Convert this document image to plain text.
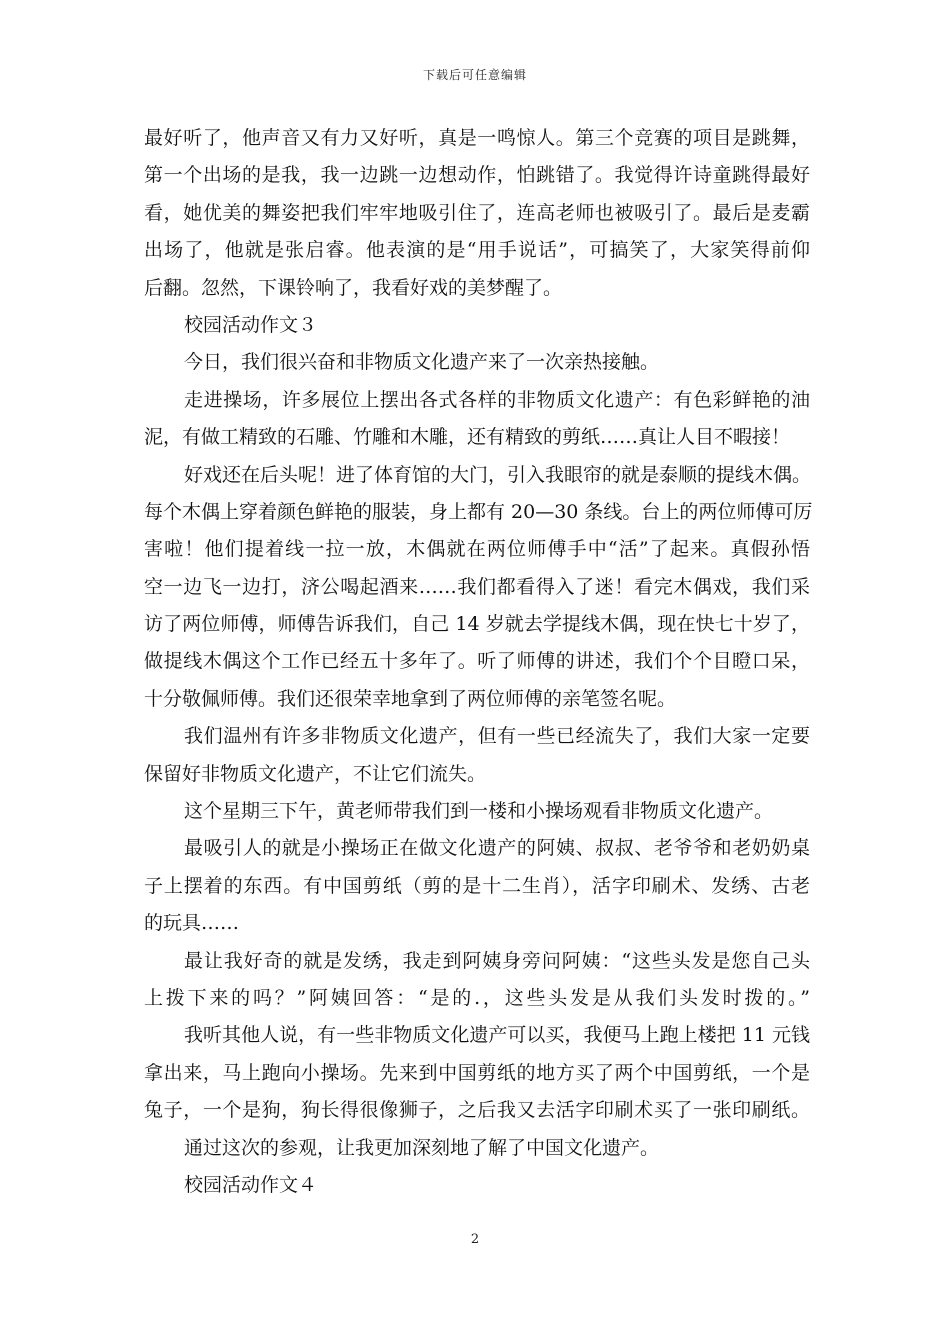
下载后可任意编辑
最好听了，他声音又有力又好听，真是一鸣惊人。第三个竞赛的项目是跳舞，
第一个出场的是我，我一边跳一边想动作，怕跳错了。我觉得许诗童跳得最好
看，她优美的舞姿把我们牢牢地吸引住了，连高老师也被吸引了。最后是麦霸
出场了，他就是张启睿。他表演的是“用手说话”，可搞笑了，大家笑得前仰
后翻。忽然，下课铃响了，我看好戏的美梦醒了。
校园活动作文３
今日，我们很兴奋和非物质文化遗产来了一次亲热接触。
走进操场，许多展位上摆出各式各样的非物质文化遗产：有色彩鲜艳的油
泥，有做工精致的石雕、竹雕和木雕，还有精致的剪纸……真让人目不暇接！
好戏还在后头呢！进了体育馆的大门，引入我眼帘的就是泰顺的提线木偶。
每个木偶上穿着颜色鲜艳的服装，身上都有 20—30 条线。台上的两位师傅可厉
害啦！他们提着线一拉一放，木偶就在两位师傅手中“活”了起来。真假孙悟
空一边飞一边打，济公喝起酒来……我们都看得入了迷！看完木偶戏，我们采
访了两位师傅，师傅告诉我们，自己 14 岁就去学提线木偶，现在快七十岁了，
做提线木偶这个工作已经五十多年了。听了师傅的讲述，我们个个目瞪口呆，
十分敬佩师傅。我们还很荣幸地拿到了两位师傅的亲笔签名呢。
我们温州有许多非物质文化遗产，但有一些已经流失了，我们大家一定要
保留好非物质文化遗产，不让它们流失。
这个星期三下午，黄老师带我们到一楼和小操场观看非物质文化遗产。
最吸引人的就是小操场正在做文化遗产的阿姨、叔叔、老爷爷和老奶奶桌
子上摆着的东西。有中国剪纸（剪的是十二生肖），活字印刷术、发绣、古老
的玩具……
最让我好奇的就是发绣，我走到阿姨身旁问阿姨：“这些头发是您自己头
上拨下来的吗？”阿姨回答：“是的.，这些头发是从我们头发时拨的。”
我听其他人说，有一些非物质文化遗产可以买，我便马上跑上楼把 11 元钱
拿出来，马上跑向小操场。先来到中国剪纸的地方买了两个中国剪纸，一个是
兔子，一个是狗，狗长得很像狮子，之后我又去活字印刷术买了一张印刷纸。
通过这次的参观，让我更加深刻地了解了中国文化遗产。
校园活动作文４
2
